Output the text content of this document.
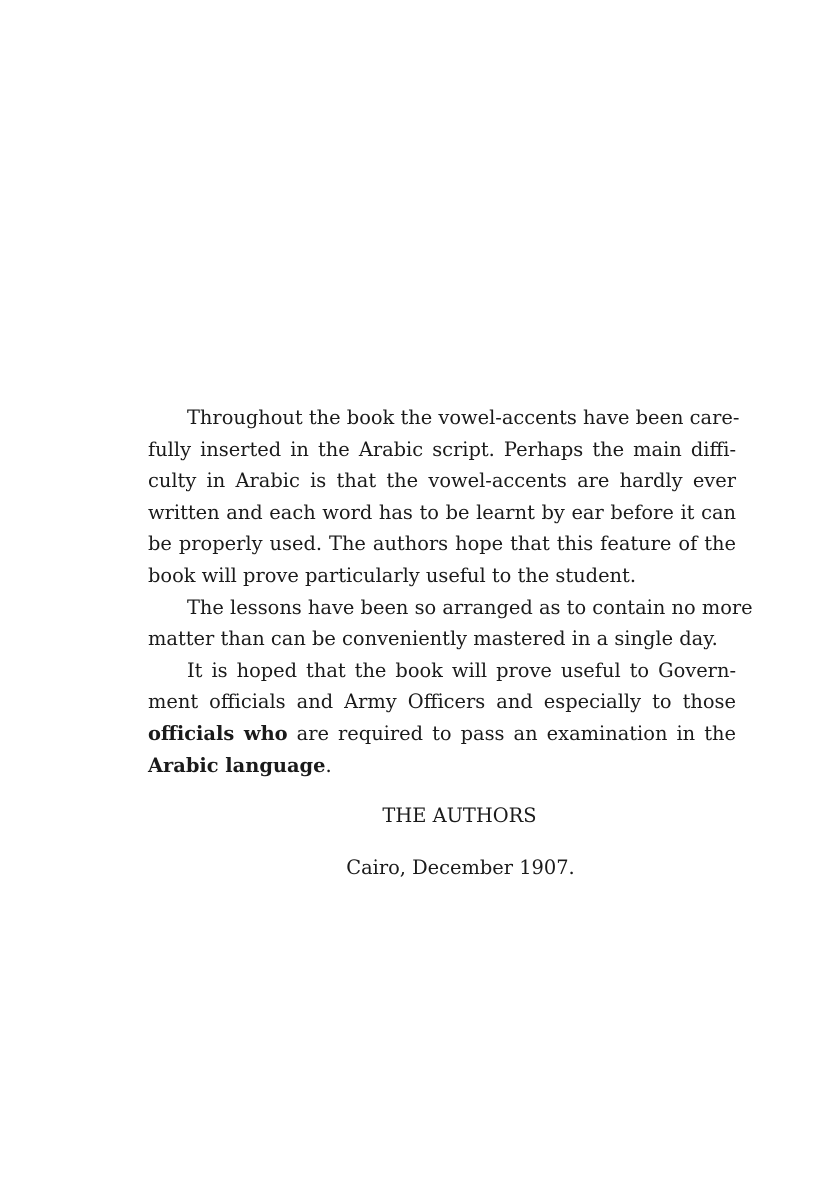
Throughout the book the vowel-accents have been care-
fully inserted in the Arabic script. Perhaps the main diffi-
culty in Arabic is that the vowel-accents are hardly ever
written and each word has to be learnt by ear before it can
be properly used. The authors hope that this feature of the
book will prove particularly useful to the student.
The lessons have been so arranged as to contain no more
matter than can be conveniently mastered in a single day.
It is hoped that the book will prove useful to Govern-
ment officials and Army Officers and especially to those
officials who are required to pass an examination in the
Arabic language.
THE AUTHORS
Cairo, December 1907.
